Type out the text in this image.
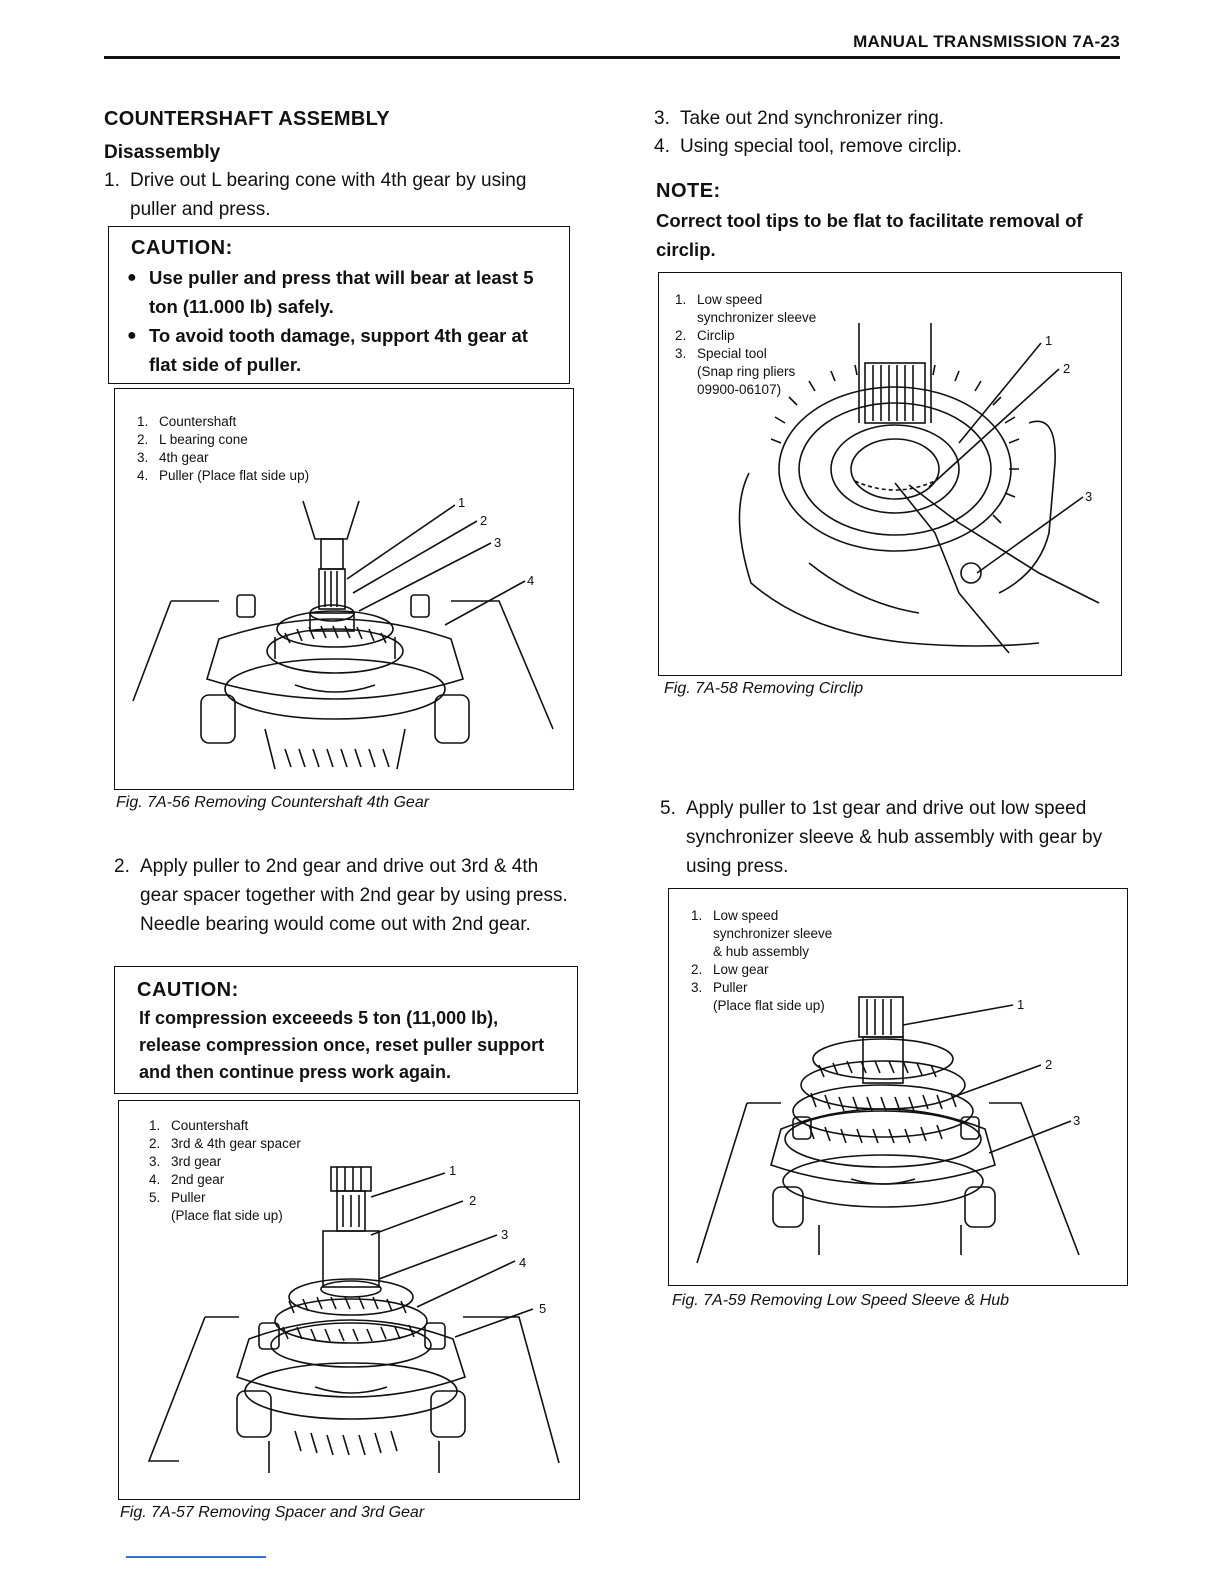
MANUAL TRANSMISSION 7A-23
COUNTERSHAFT ASSEMBLY
Disassembly
1. Drive out L bearing cone with 4th gear by using puller and press.
CAUTION:
● Use puller and press that will bear at least 5 ton (11.000 lb) safely.
● To avoid tooth damage, support 4th gear at flat side of puller.
1. Countershaft
2. L bearing cone
3. 4th gear
4. Puller (Place flat side up)
1
2
3
4
Fig. 7A-56 Removing Countershaft 4th Gear
2. Apply puller to 2nd gear and drive out 3rd & 4th gear spacer together with 2nd gear by using press. Needle bearing would come out with 2nd gear.
CAUTION:
If compression exceeeds 5 ton (11,000 lb), release compression once, reset puller support and then continue press work again.
1. Countershaft
2. 3rd & 4th gear spacer
3. 3rd gear
4. 2nd gear
5. Puller
(Place flat side up)
1
2
3
4
5
Fig. 7A-57 Removing Spacer and 3rd Gear
3. Take out 2nd synchronizer ring.
4. Using special tool, remove circlip.
NOTE:
Correct tool tips to be flat to facilitate removal of circlip.
1. Low speed
synchronizer sleeve
2. Circlip
3. Special tool
(Snap ring pliers
09900-06107)
1
2
3
Fig. 7A-58 Removing Circlip
5. Apply puller to 1st gear and drive out low speed synchronizer sleeve & hub assembly with gear by using press.
1. Low speed
synchronizer sleeve
& hub assembly
2. Low gear
3. Puller
(Place flat side up)	1
2
3
Fig. 7A-59 Removing Low Speed Sleeve & Hub
